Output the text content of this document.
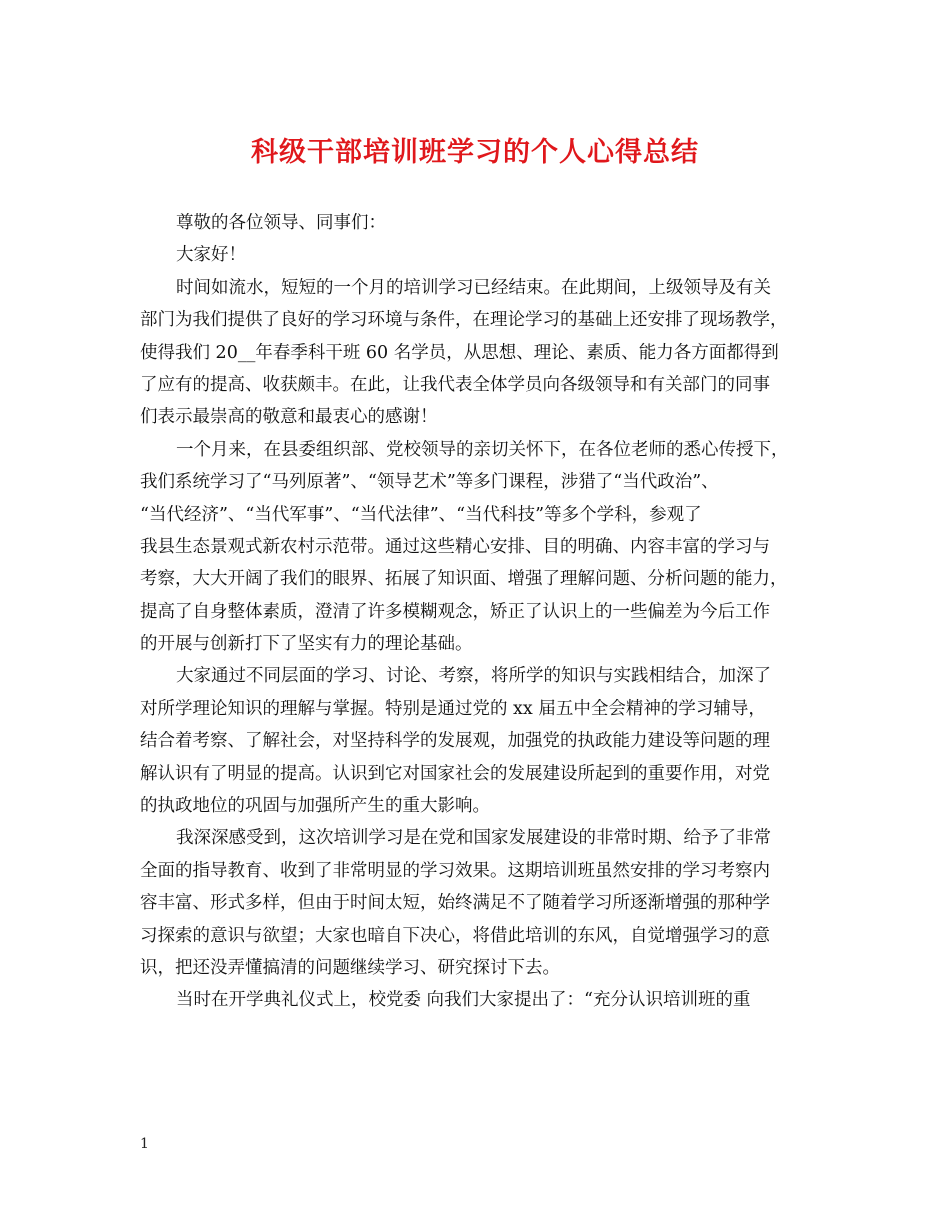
科级干部培训班学习的个人心得总结
尊敬的各位领导、同事们：
大家好！
时间如流水，短短的一个月的培训学习已经结束。在此期间，上级领导及有关
部门为我们提供了良好的学习环境与条件，在理论学习的基础上还安排了现场教学，
使得我们 20__年春季科干班 60 名学员，从思想、理论、素质、能力各方面都得到
了应有的提高、收获颇丰。在此，让我代表全体学员向各级领导和有关部门的同事
们表示最崇高的敬意和最衷心的感谢！
一个月来，在县委组织部、党校领导的亲切关怀下，在各位老师的悉心传授下，
我们系统学习了“马列原著”、“领导艺术”等多门课程，涉猎了“当代政治”、
“当代经济”、“当代军事”、“当代法律”、“当代科技”等多个学科，参观了
我县生态景观式新农村示范带。通过这些精心安排、目的明确、内容丰富的学习与
考察，大大开阔了我们的眼界、拓展了知识面、增强了理解问题、分析问题的能力，
提高了自身整体素质，澄清了许多模糊观念，矫正了认识上的一些偏差为今后工作
的开展与创新打下了坚实有力的理论基础。
大家通过不同层面的学习、讨论、考察，将所学的知识与实践相结合，加深了
对所学理论知识的理解与掌握。特别是通过党的 xx 届五中全会精神的学习辅导，
结合着考察、了解社会，对坚持科学的发展观，加强党的执政能力建设等问题的理
解认识有了明显的提高。认识到它对国家社会的发展建设所起到的重要作用，对党
的执政地位的巩固与加强所产生的重大影响。
我深深感受到，这次培训学习是在党和国家发展建设的非常时期、给予了非常
全面的指导教育、收到了非常明显的学习效果。这期培训班虽然安排的学习考察内
容丰富、形式多样，但由于时间太短，始终满足不了随着学习所逐渐增强的那种学
习探索的意识与欲望；大家也暗自下决心，将借此培训的东风，自觉增强学习的意
识，把还没弄懂搞清的问题继续学习、研究探讨下去。
当时在开学典礼仪式上，校党委 向我们大家提出了：“充分认识培训班的重
1
